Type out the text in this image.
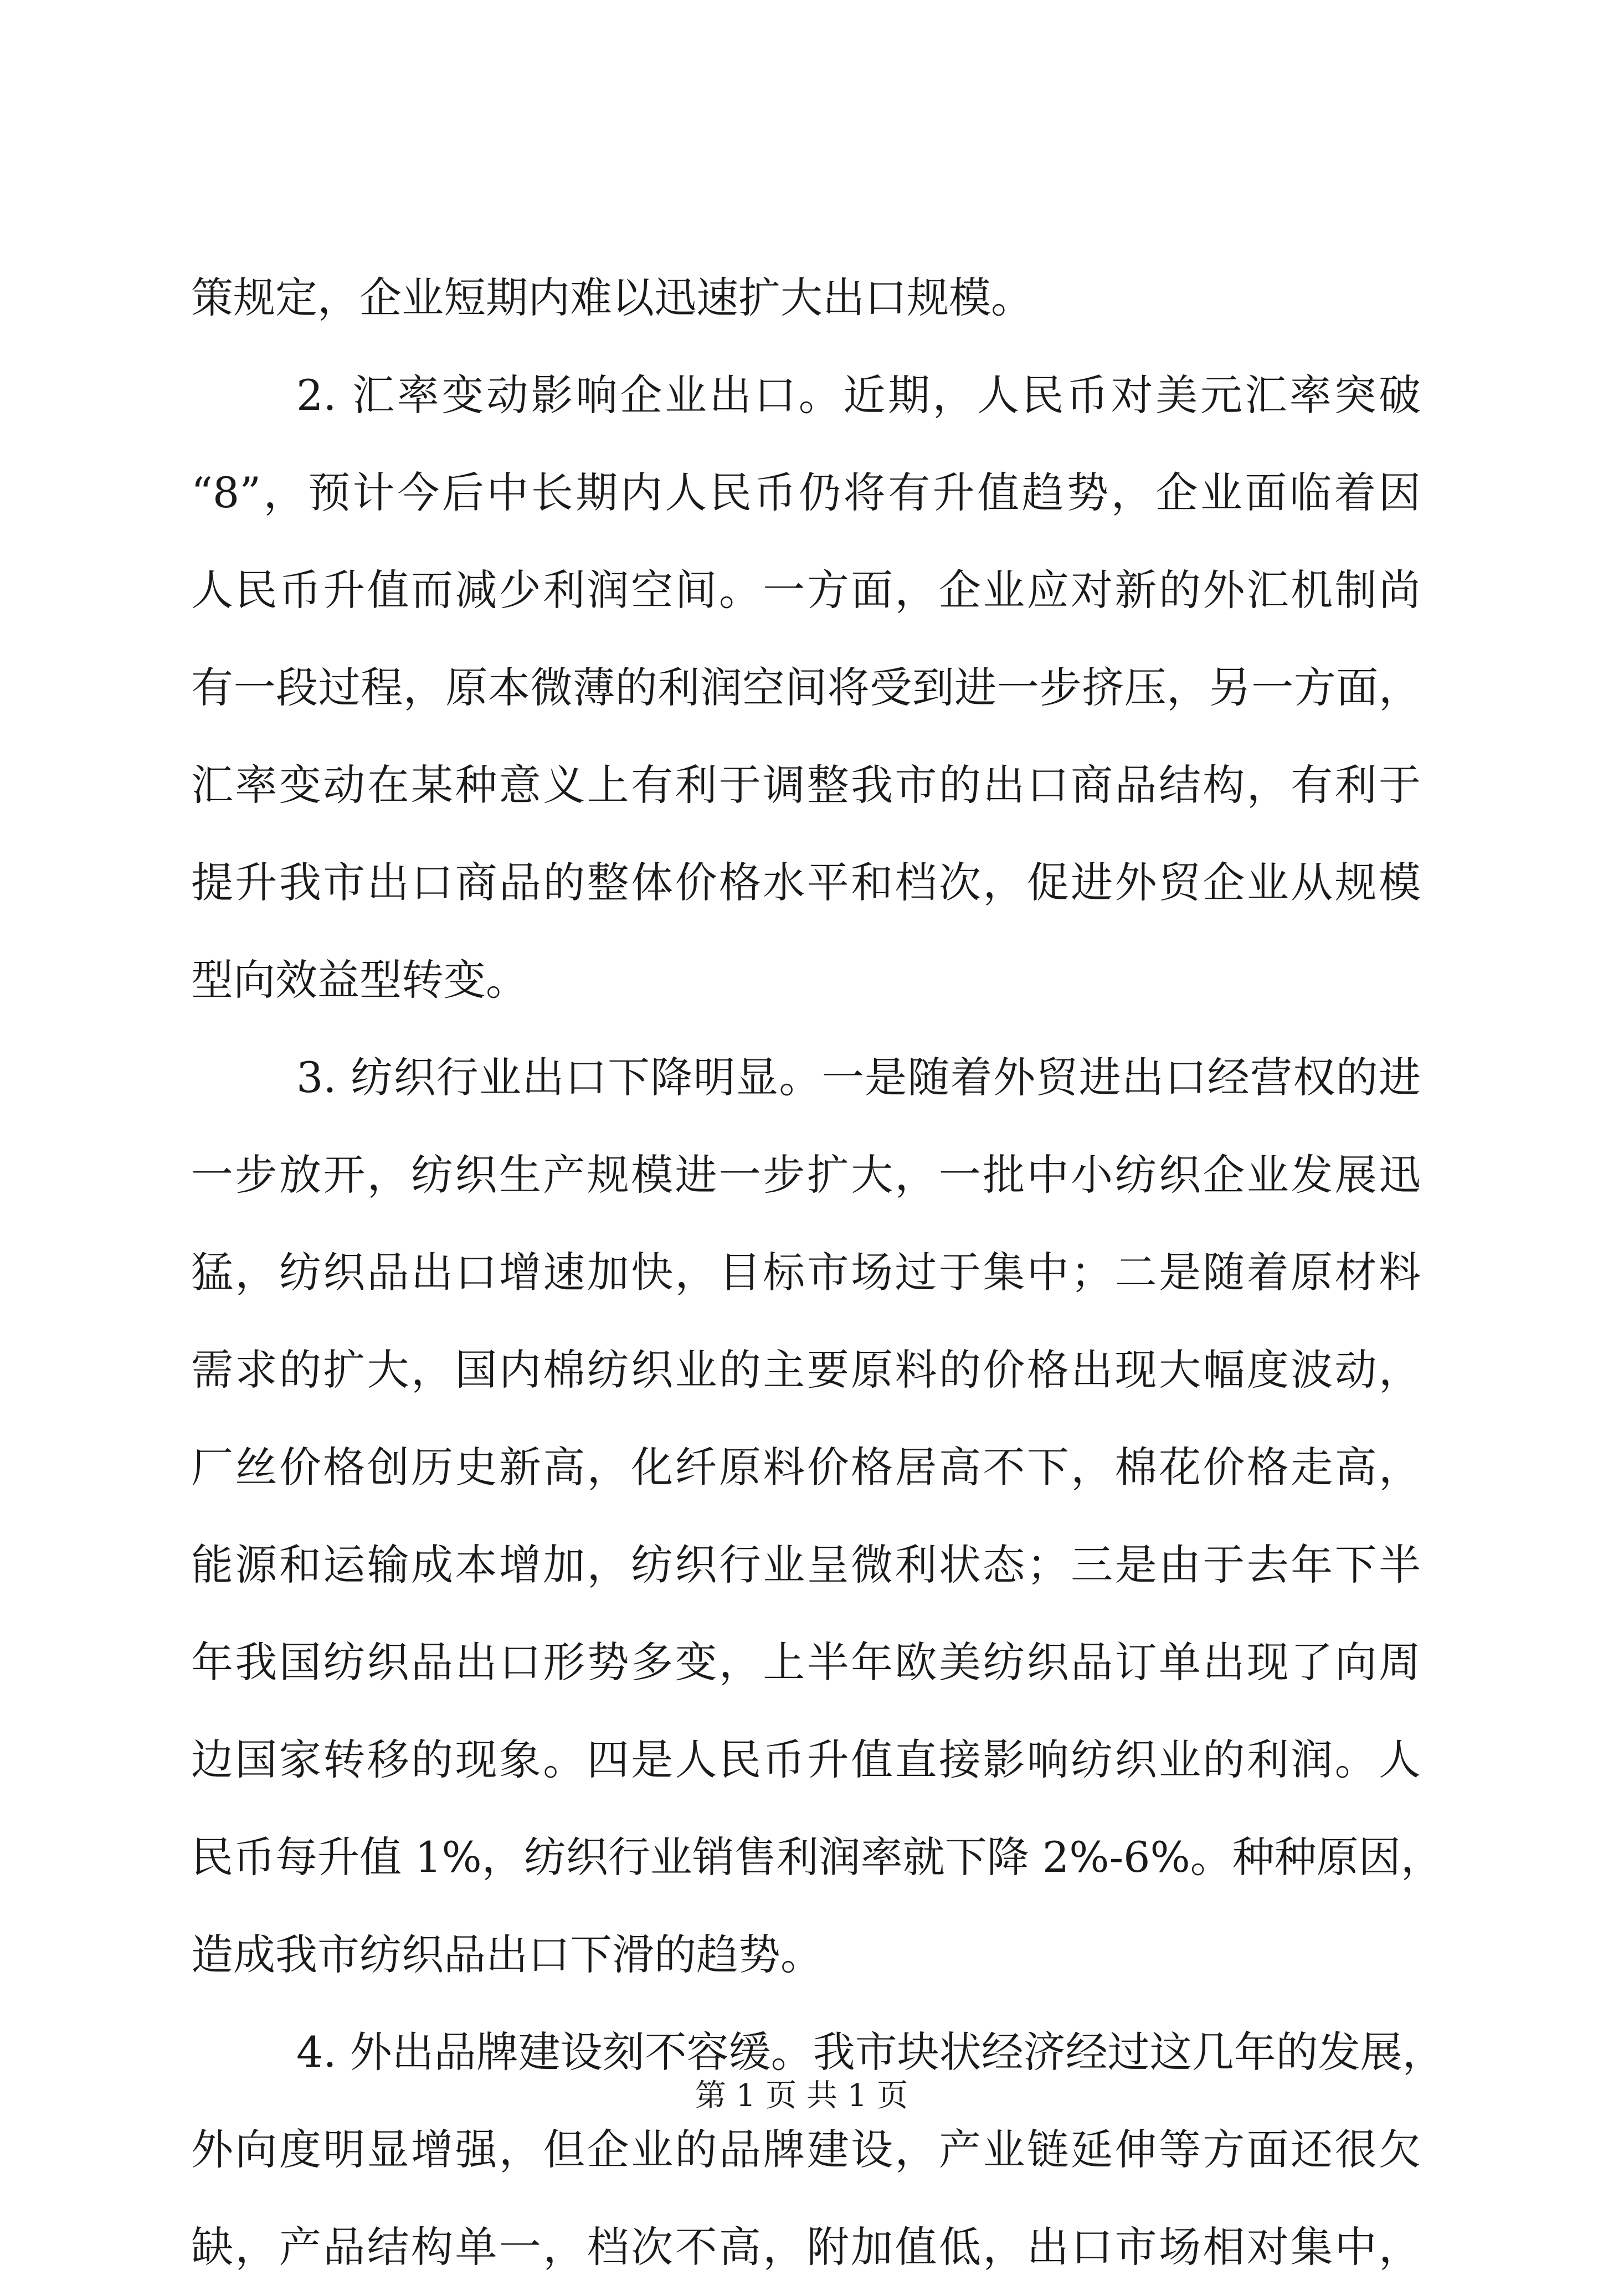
策规定，企业短期内难以迅速扩大出口规模。
2. 汇率变动影响企业出口。近期，人民币对美元汇率突破
“8”，预计今后中长期内人民币仍将有升值趋势，企业面临着因
人民币升值而减少利润空间。一方面，企业应对新的外汇机制尚
有一段过程，原本微薄的利润空间将受到进一步挤压，另一方面，
汇率变动在某种意义上有利于调整我市的出口商品结构，有利于
提升我市出口商品的整体价格水平和档次，促进外贸企业从规模
型向效益型转变。
3. 纺织行业出口下降明显。一是随着外贸进出口经营权的进
一步放开，纺织生产规模进一步扩大，一批中小纺织企业发展迅
猛，纺织品出口增速加快，目标市场过于集中；二是随着原材料
需求的扩大，国内棉纺织业的主要原料的价格出现大幅度波动，
厂丝价格创历史新高，化纤原料价格居高不下，棉花价格走高，
能源和运输成本增加，纺织行业呈微利状态；三是由于去年下半
年我国纺织品出口形势多变，上半年欧美纺织品订单出现了向周
边国家转移的现象。四是人民币升值直接影响纺织业的利润。人
民币每升值 1%，纺织行业销售利润率就下降 2%-6%。种种原因，
造成我市纺织品出口下滑的趋势。
4. 外出品牌建设刻不容缓。我市块状经济经过这几年的发展，
外向度明显增强，但企业的品牌建设，产业链延伸等方面还很欠
缺，产品结构单一，档次不高，附加值低，出口市场相对集中，
第 1 页 共 1 页
